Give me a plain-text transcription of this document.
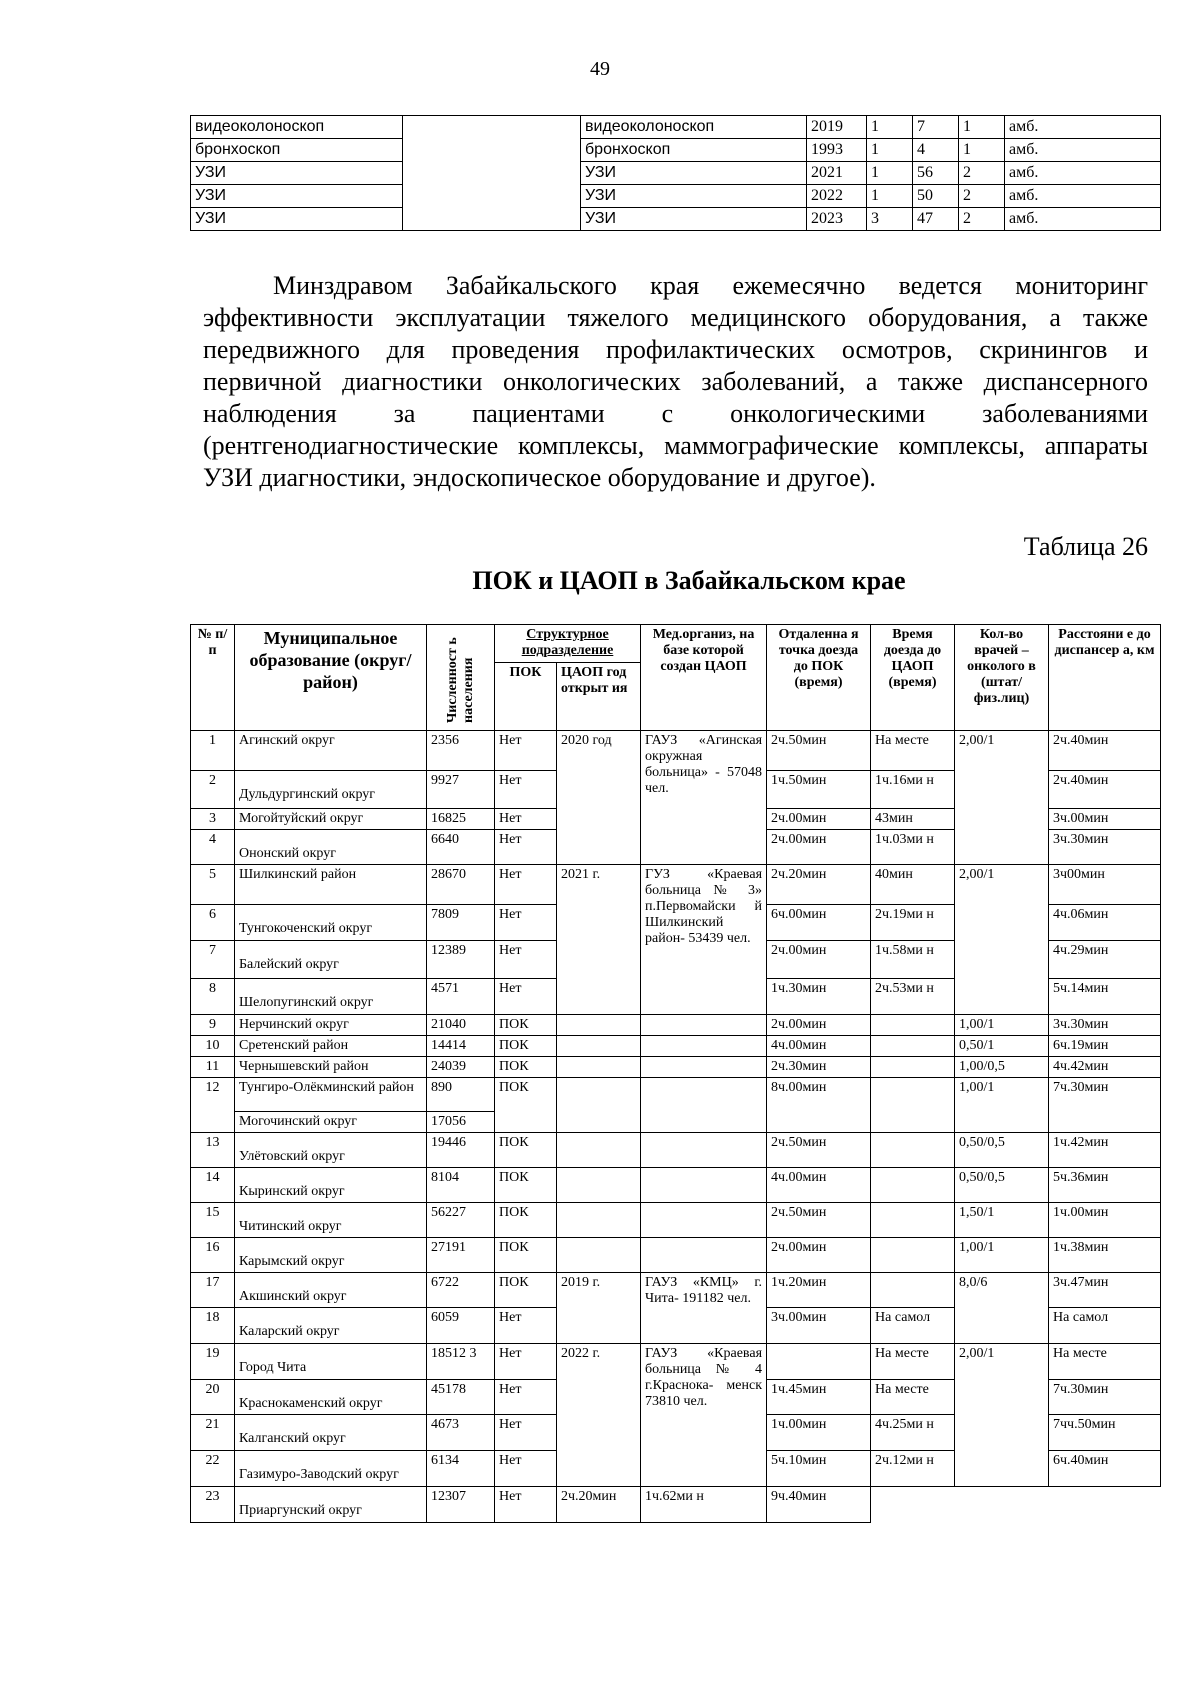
49
видеоколоноскоп		видеоколоноскоп	2019	1	7	1	амб.
бронхоскоп		бронхоскоп	1993	1	4	1	амб.
УЗИ		УЗИ	2021	1	56	2	амб.
УЗИ		УЗИ	2022	1	50	2	амб.
УЗИ		УЗИ	2023	3	47	2	амб.

Минздравом Забайкальского края ежемесячно ведется мониторинг эффективности эксплуатации тяжелого медицинского оборудования, а также передвижного для проведения профилактических осмотров, скринингов и первичной диагностики онкологических заболеваний, а также диспансерного наблюдения за пациентами с онкологическими заболеваниями (рентгенодиагностические комплексы, маммографические комплексы, аппараты УЗИ диагностики, эндоскопическое оборудование и другое).

Таблица 26
ПОК и ЦАОП в Забайкальском крае
№ п/ п	Муниципальное образование (округ/район)	Численност ь населения	Структурное подразделение		Мед.организ, на базе которой создан ЦАОП	Отдаленна я точка доезда до ПОК (время)	Время доезда до ЦАОП (время)	Кол-во врачей – онколого в (штат/ физ.лиц)	Расстояни е до диспансер а, км
			ПОК	ЦАОП год открыт ия					
1	Агинский округ	2356	Нет	2020 год	ГАУЗ «Агинская окружная больница» - 57048 чел.	2ч.50мин	На месте	2,00/1	2ч.40мин
2	Дульдургинский округ	9927	Нет			1ч.50мин	1ч.16ми н		2ч.40мин
3	Могойтуйский округ	16825	Нет			2ч.00мин	43мин		3ч.00мин
4	Ононский округ	6640	Нет			2ч.00мин	1ч.03ми н		3ч.30мин
5	Шилкинский район	28670	Нет	2021 г.	ГУЗ «Краевая больница № 3» п.Первомайски й Шилкинский район- 53439 чел.	2ч.20мин	40мин	2,00/1	3ч00мин
6	Тунгокоченский округ	7809	Нет			6ч.00мин	2ч.19ми н		4ч.06мин
7	Балейский округ	12389	Нет			2ч.00мин	1ч.58ми н		4ч.29мин
8	Шелопугинский округ	4571	Нет			1ч.30мин	2ч.53ми н		5ч.14мин
9	Нерчинский округ	21040	ПОК			2ч.00мин		1,00/1	3ч.30мин
10	Сретенский район	14414	ПОК			4ч.00мин		0,50/1	6ч.19мин
11	Чернышевский район	24039	ПОК			2ч.30мин		1,00/0,5	4ч.42мин
12	Тунгиро-Олёкминский район	890	ПОК			8ч.00мин		1,00/1	7ч.30мин
	Могочинский округ	17056							
13	Улётовский округ	19446	ПОК			2ч.50мин		0,50/0,5	1ч.42мин
14	Кыринский округ	8104	ПОК			4ч.00мин		0,50/0,5	5ч.36мин
15	Читинский округ	56227	ПОК			2ч.50мин		1,50/1	1ч.00мин
16	Карымский округ	27191	ПОК			2ч.00мин		1,00/1	1ч.38мин
17	Акшинский округ	6722	ПОК	2019 г.	ГАУЗ «КМЦ» г. Чита- 191182 чел.	1ч.20мин		8,0/6	3ч.47мин
18	Каларский округ	6059	Нет			3ч.00мин	На самол		На самол
19	Город Чита	18512 3	Нет	2022 г.	ГАУЗ «Краевая больница № 4 г.Краснока- менск 73810 чел.		На месте	2,00/1	На месте
20	Краснокаменский округ	45178	Нет			1ч.45мин	На месте		7ч.30мин
21	Калганский округ	4673	Нет			1ч.00мин	4ч.25ми н		7чч.50мин
22	Газимуро-Заводский округ	6134	Нет			5ч.10мин	2ч.12ми н		6ч.40мин
23	Приаргунский округ	12307	Нет	2ч.20мин	1ч.62ми н	9ч.40мин			
